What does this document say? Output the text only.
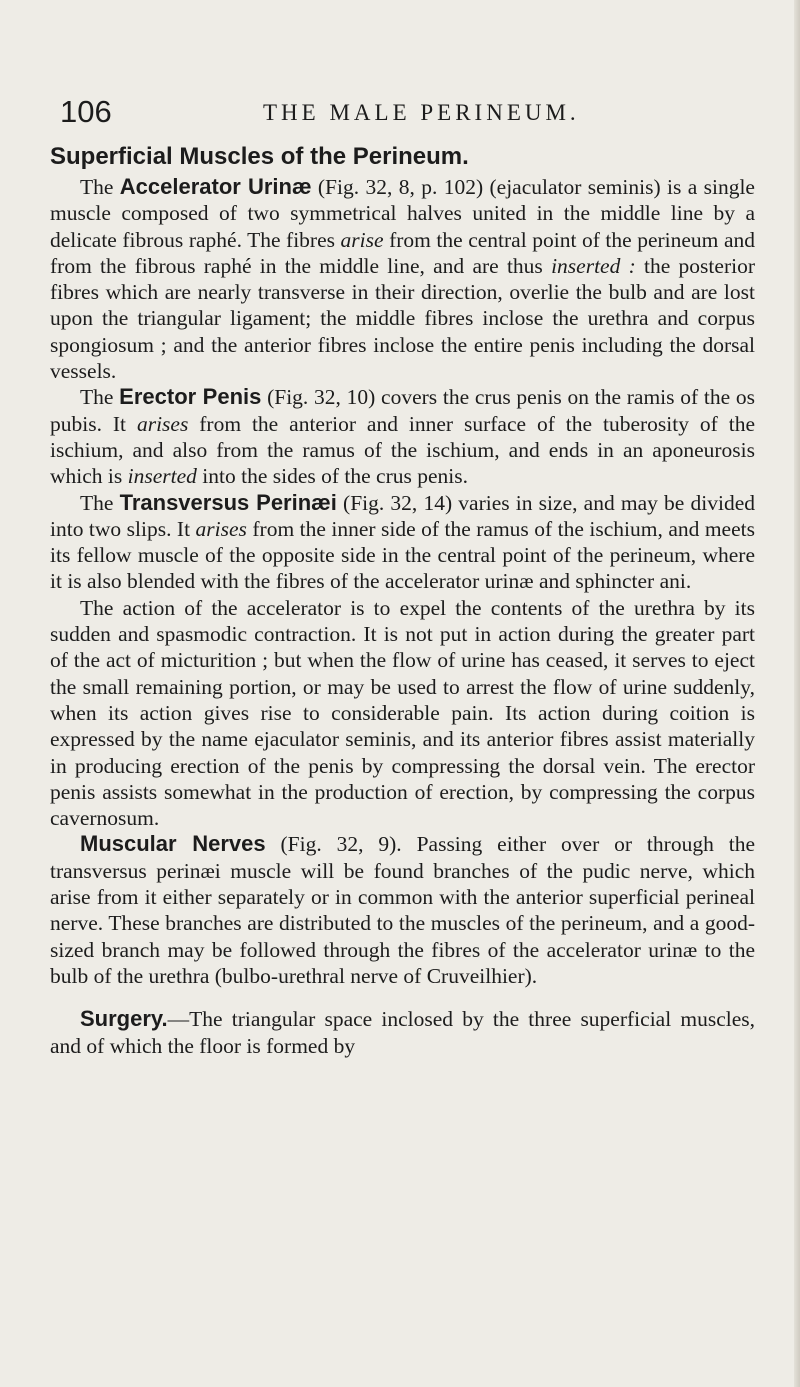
106	THE MALE PERINEUM.

Superficial Muscles of the Perineum.

The Accelerator Urinæ (Fig. 32, 8, p. 102) (ejaculator seminis) is a single muscle composed of two symmetrical halves united in the middle line by a delicate fibrous raphé. The fibres arise from the central point of the perineum and from the fibrous raphé in the middle line, and are thus inserted : the posterior fibres which are nearly transverse in their direction, overlie the bulb and are lost upon the triangular ligament; the middle fibres inclose the urethra and corpus spongiosum ; and the anterior fibres inclose the entire penis including the dorsal vessels.

The Erector Penis (Fig. 32, 10) covers the crus penis on the ramis of the os pubis. It arises from the anterior and inner surface of the tuberosity of the ischium, and also from the ramus of the ischium, and ends in an aponeurosis which is inserted into the sides of the crus penis.

The Transversus Perinæi (Fig. 32, 14) varies in size, and may be divided into two slips. It arises from the inner side of the ramus of the ischium, and meets its fellow muscle of the opposite side in the central point of the perineum, where it is also blended with the fibres of the accelerator urinæ and sphincter ani.

The action of the accelerator is to expel the contents of the urethra by its sudden and spasmodic contraction. It is not put in action during the greater part of the act of micturition ; but when the flow of urine has ceased, it serves to eject the small remaining portion, or may be used to arrest the flow of urine suddenly, when its action gives rise to considerable pain. Its action during coition is expressed by the name ejaculator seminis, and its anterior fibres assist materially in producing erection of the penis by compressing the dorsal vein. The erector penis assists somewhat in the production of erection, by compressing the corpus cavernosum.

Muscular Nerves (Fig. 32, 9). Passing either over or through the transversus perinæi muscle will be found branches of the pudic nerve, which arise from it either separately or in common with the anterior superficial perineal nerve. These branches are distributed to the muscles of the perineum, and a good-sized branch may be followed through the fibres of the accelerator urinæ to the bulb of the urethra (bulbo-urethral nerve of Cruveilhier).

Surgery.—The triangular space inclosed by the three superficial muscles, and of which the floor is formed by
